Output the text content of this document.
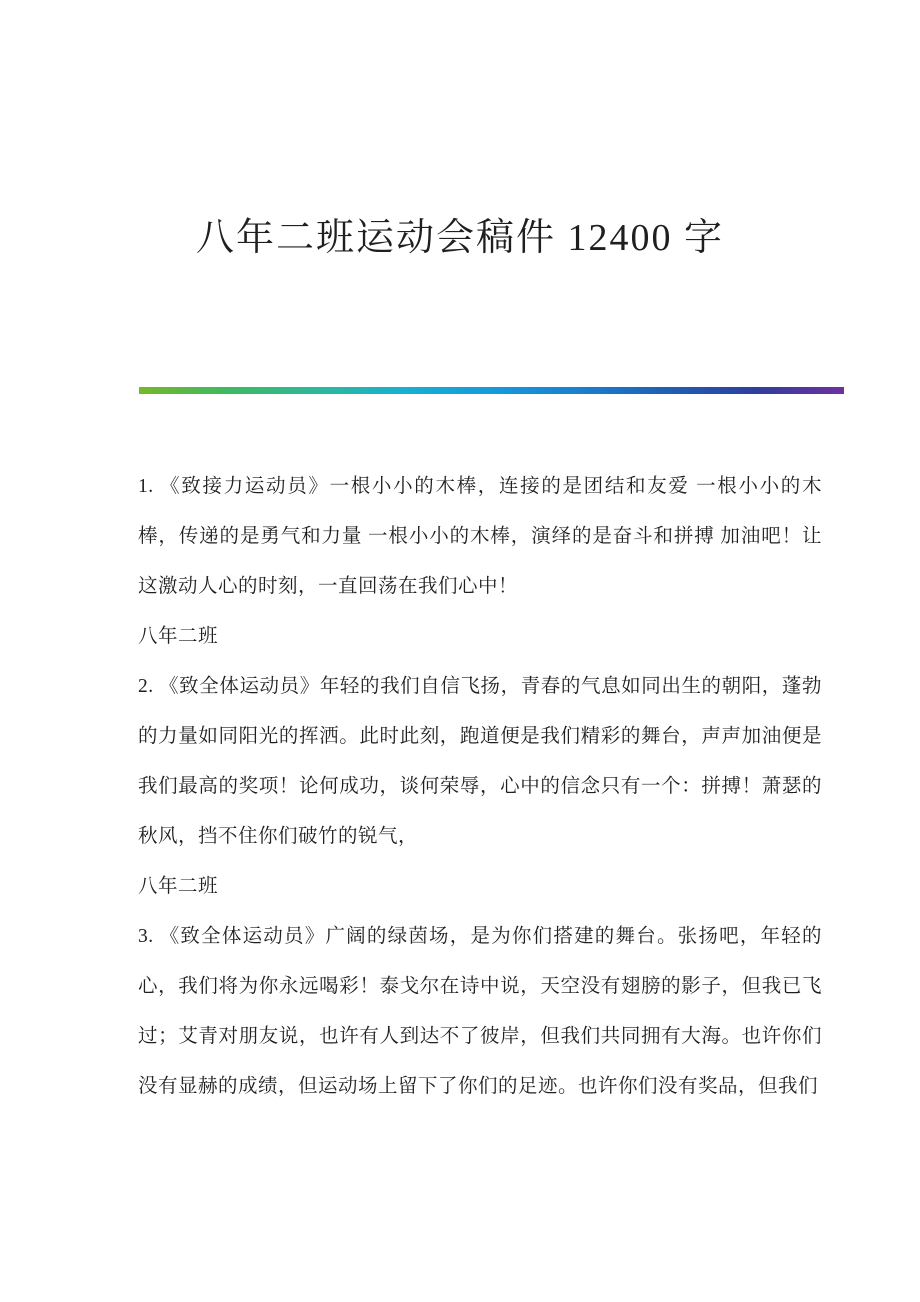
八年二班运动会稿件 12400 字

1. 《致接力运动员》一根小小的木棒，连接的是团结和友爱 一根小小的木棒，传递的是勇气和力量 一根小小的木棒，演绎的是奋斗和拼搏 加油吧！让这激动人心的时刻，一直回荡在我们心中！

八年二班

2. 《致全体运动员》年轻的我们自信飞扬，青春的气息如同出生的朝阳，蓬勃的力量如同阳光的挥洒。此时此刻，跑道便是我们精彩的舞台，声声加油便是我们最高的奖项！论何成功，谈何荣辱，心中的信念只有一个：拼搏！萧瑟的秋风，挡不住你们破竹的锐气，

八年二班

3. 《致全体运动员》广阔的绿茵场，是为你们搭建的舞台。张扬吧，年轻的心，我们将为你永远喝彩！泰戈尔在诗中说，天空没有翅膀的影子，但我已飞过；艾青对朋友说，也许有人到达不了彼岸，但我们共同拥有大海。也许你们没有显赫的成绩，但运动场上留下了你们的足迹。也许你们没有奖品，但我们
